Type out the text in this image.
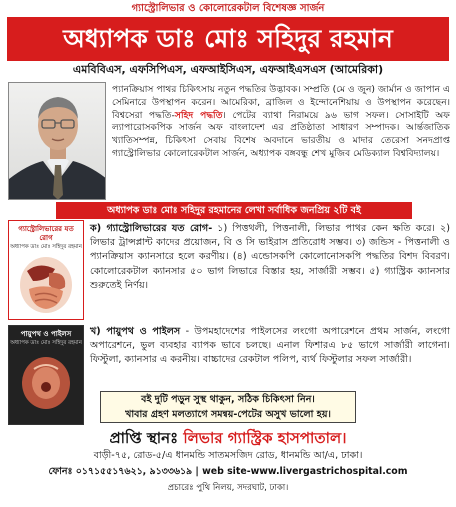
গ্যাস্ট্রোলিভার ও কোলোরেকটাল বিশেষজ্ঞ সার্জন
অধ্যাপক ডাঃ মোঃ সহিদুর রহমান
এমবিবিএস, এফসিপিএস, এফআইসিএস, এফআইএসএস (আমেরিকা)
প্যানক্রিয়াস পাথর চিকিৎসায় নতুন পদ্ধতির উদ্ভাবক। সম্প্রতি (মে ও জুন) জার্মান ও জাপান এ সেমিনারে উপস্থাপন করেন। আমেরিকা, ব্রাজিল ও ইন্দোনেশিয়ায় ও উপস্থাপন করেছেন। বিশ্বসেরা পদ্ধতি-সহিদ পদ্ধতি। পেটের ব্যাথা নিরাময়ে ৯৬ ভাগ সফল। সোসাইটি অফ ল্যাপারোসকপিক সার্জন অফ বাংলাদেশ এর প্রতিষ্ঠাতা সাধারণ সম্পাদক। আর্ন্তজাতিক খ্যাতিসম্পন্ন, চিকিৎসা সেবায় বিশেষ অবদানে ভারতীয় ও মাদার তেরেসা সনদপ্রাপ্ত গ্যাস্ট্রোলিভার কোলোরেকটাল সার্জন, অধ্যাপক বঙ্গবন্ধু শেখ মুজিব মেডিক্যাল বিশ্ববিদ্যালয়।
অধ্যাপক ডাঃ মোঃ সহিদুর রহমানের লেখা সর্বাধিক জনপ্রিয় ২টি বই
গ্যাস্ট্রোলিভারের যত রোগ
অধ্যাপক ডাঃ মোঃ সহিদুর রহমান
ক) গ্যাস্ট্রোলিভারের যত রোগ- ১) পিত্তথলী, পিত্তনালী, লিভার পাথর কেন ক্ষতি করে। ২) লিভার ট্রান্সপ্লান্ট কাদের প্রয়োজন, বি ও সি ভাইরাস প্রতিরোধ সম্ভব। ৩) জন্ডিস - পিত্তনালী ও প্যানক্রিয়াস ক্যানসারে হলে করণীয়। (৪) এন্ডোসকপি কোলোনোসকপি পদ্ধতির বিশদ বিবরণ। কোলোরেকটাল ক্যানসার ৫০ ভাগ লিভারে বিস্তার হয়, সার্জারী সম্ভব। ৫) গ্যাস্ট্রিক ক্যানসার শুরুতেই নির্ণয়।
পায়ুপথ ও পাইলস
অধ্যাপক ডাঃ মোঃ সহিদুর রহমান
খ) পায়ুপথ ও পাইলস - উপমহাদেশের পাইলসের লংগো অপারেশনে প্রথম সার্জন, লংগো অপারেশনে, ভুল ব্যবহার ব্যাপক ভাবে চলছে। এনাল ফিশারএ ৮৫ ভাগে সার্জারী লাগেনা। ফিস্টুলা, ক্যানসার এ করনীয়। বাচ্চাদের রেকটাল পলিপ, ব্যর্থ ফিস্টুলার সফল সার্জারী।
বই দুটি পড়ুন সুস্থ থাকুন, সঠিক চিকিৎসা নিন।
খাবার গ্রহণ মলত্যাগে সমন্বয়-পেটের অসুখ ভালো হয়।
প্রাপ্তি স্থানঃ লিভার গ্যাস্ট্রিক হাসপাতাল।
বাড়ী-৭৫, রোড-৫/এ ধানমন্ডি সাতমসজিদ রোড, ধানমন্ডি আ/এ, ঢাকা।
ফোনঃ ০১৭১৫৫১৭৬২১, ৯১৩৩৬১৯ | web site-www.livergastrichospital.com
প্রচারেঃ পুথি নিলয়, সদরঘাট, ঢাকা।
